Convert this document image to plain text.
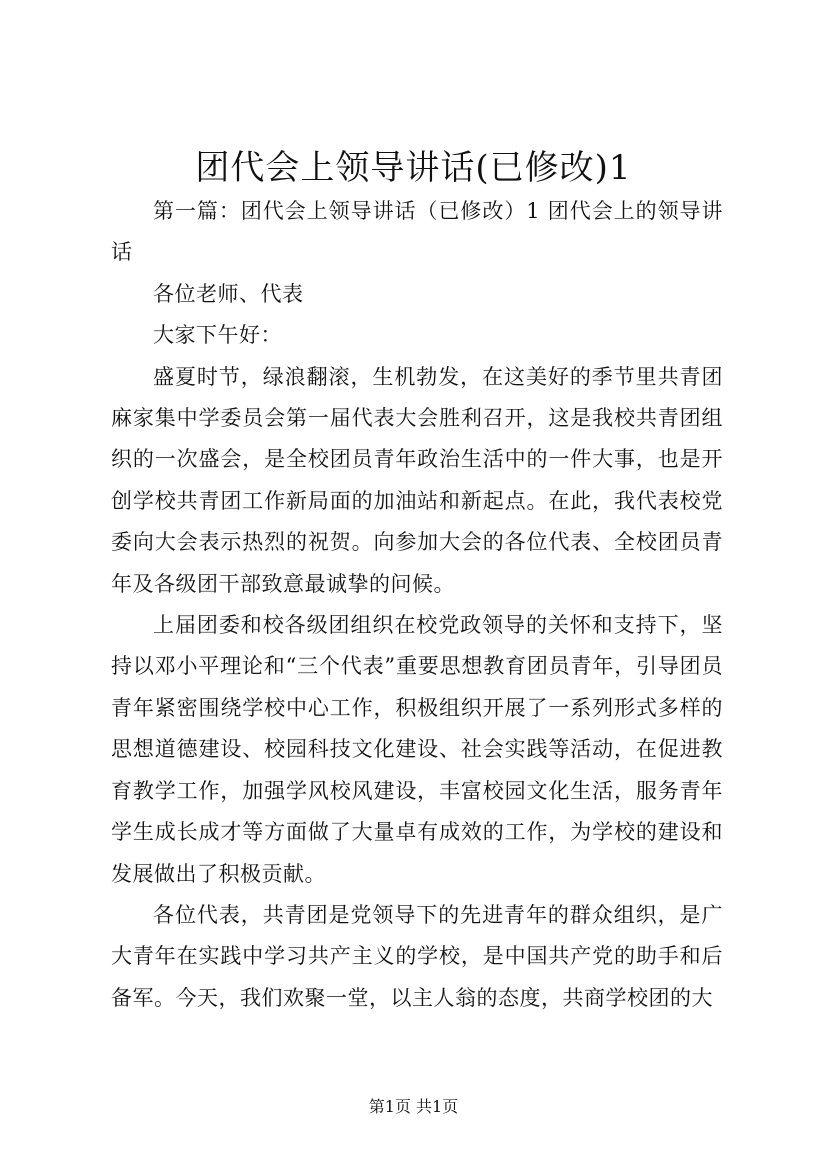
团代会上领导讲话(已修改)1

第一篇：团代会上领导讲话（已修改）1 团代会上的领导讲话

各位老师、代表

大家下午好：

盛夏时节，绿浪翻滚，生机勃发，在这美好的季节里共青团麻家集中学委员会第一届代表大会胜利召开，这是我校共青团组织的一次盛会，是全校团员青年政治生活中的一件大事，也是开创学校共青团工作新局面的加油站和新起点。在此，我代表校党委向大会表示热烈的祝贺。向参加大会的各位代表、全校团员青年及各级团干部致意最诚挚的问候。

上届团委和校各级团组织在校党政领导的关怀和支持下，坚持以邓小平理论和“三个代表”重要思想教育团员青年，引导团员青年紧密围绕学校中心工作，积极组织开展了一系列形式多样的思想道德建设、校园科技文化建设、社会实践等活动，在促进教育教学工作，加强学风校风建设，丰富校园文化生活，服务青年学生成长成才等方面做了大量卓有成效的工作，为学校的建设和发展做出了积极贡献。

各位代表，共青团是党领导下的先进青年的群众组织，是广大青年在实践中学习共产主义的学校，是中国共产党的助手和后备军。今天，我们欢聚一堂，以主人翁的态度，共商学校团的大

第1页 共1页
